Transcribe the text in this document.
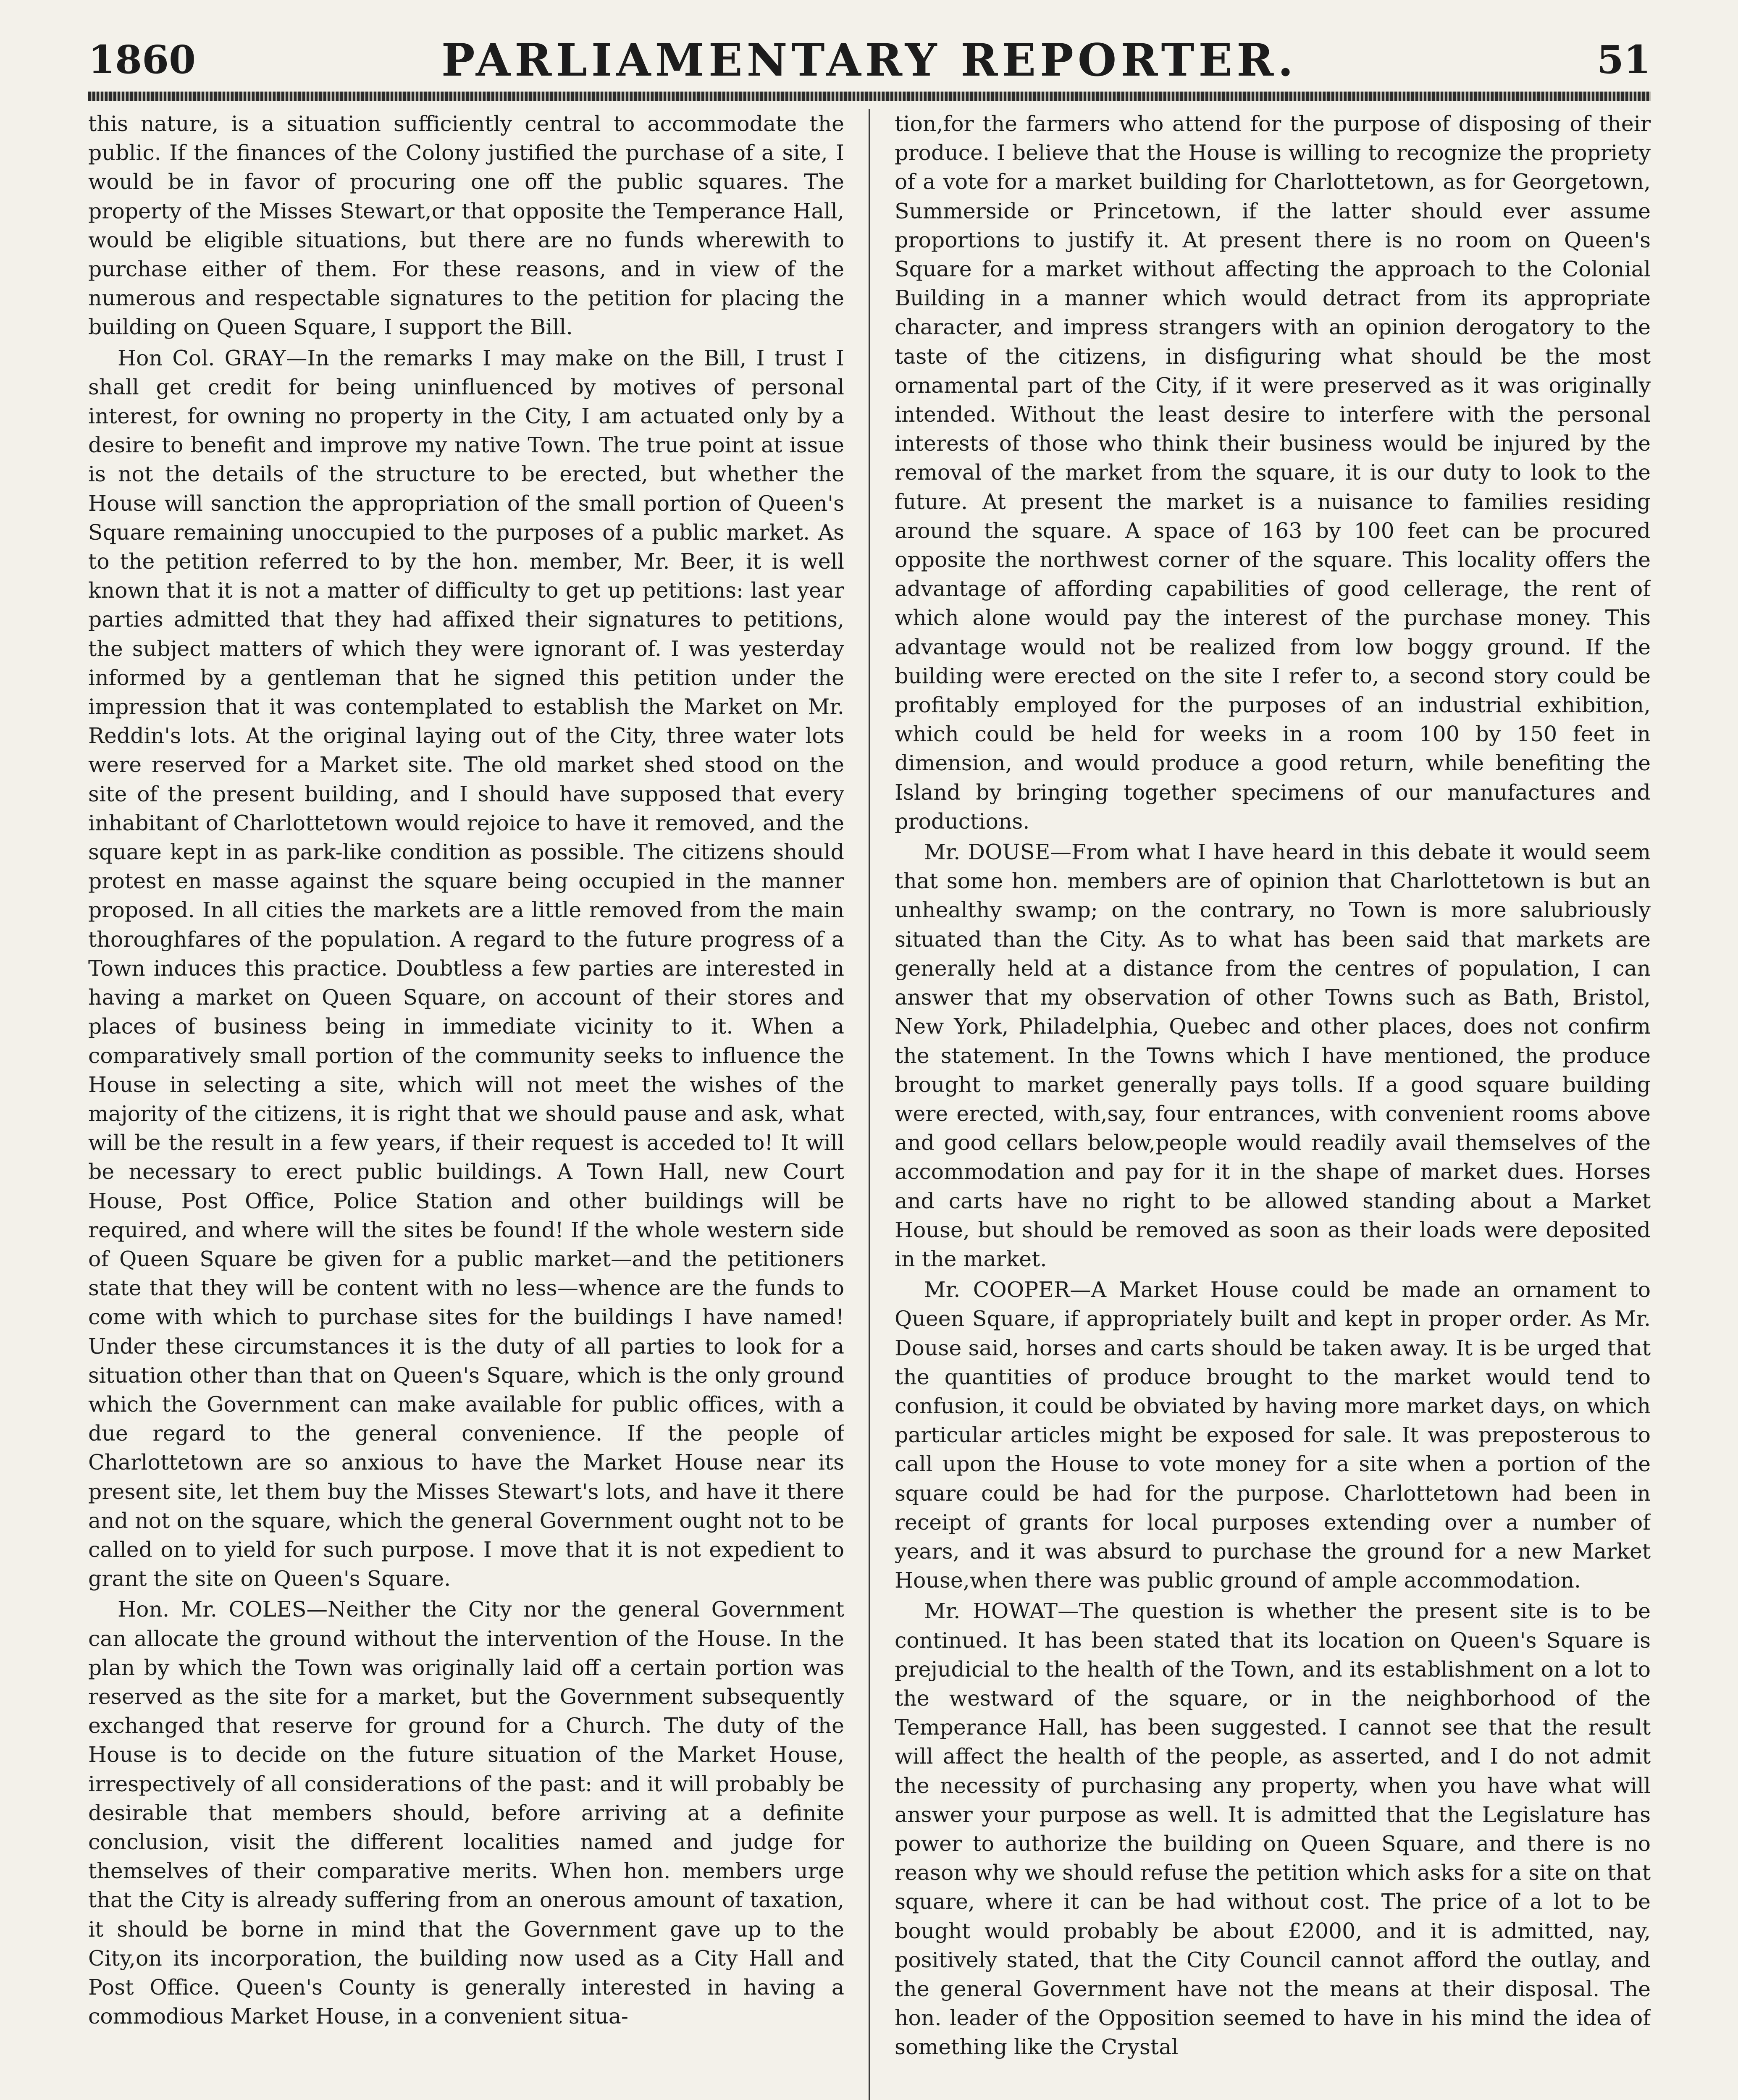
1860	PARLIAMENTARY REPORTER.	51

this nature, is a situation sufficiently central to accommodate the public. If the finances of the Colony justified the purchase of a site, I would be in favor of procuring one off the public squares. The property of the Misses Stewart,or that opposite the Temperance Hall, would be eligible situations, but there are no funds wherewith to purchase either of them. For these reasons, and in view of the numerous and respectable signatures to the petition for placing the building on Queen Square, I support the Bill.

Hon Col. GRAY—In the remarks I may make on the Bill, I trust I shall get credit for being uninfluenced by motives of personal interest, for owning no property in the City, I am actuated only by a desire to benefit and improve my native Town. The true point at issue is not the details of the structure to be erected, but whether the House will sanction the appropriation of the small portion of Queen's Square remaining unoccupied to the purposes of a public market. As to the petition referred to by the hon. member, Mr. Beer, it is well known that it is not a matter of difficulty to get up petitions: last year parties admitted that they had affixed their signatures to petitions, the subject matters of which they were ignorant of. I was yesterday informed by a gentleman that he signed this petition under the impression that it was contemplated to establish the Market on Mr. Reddin's lots. At the original laying out of the City, three water lots were reserved for a Market site. The old market shed stood on the site of the present building, and I should have supposed that every inhabitant of Charlottetown would rejoice to have it removed, and the square kept in as park-like condition as possible. The citizens should protest en masse against the square being occupied in the manner proposed. In all cities the markets are a little removed from the main thoroughfares of the population. A regard to the future progress of a Town induces this practice. Doubtless a few parties are interested in having a market on Queen Square, on account of their stores and places of business being in immediate vicinity to it. When a comparatively small portion of the community seeks to influence the House in selecting a site, which will not meet the wishes of the majority of the citizens, it is right that we should pause and ask, what will be the result in a few years, if their request is acceded to! It will be necessary to erect public buildings. A Town Hall, new Court House, Post Office, Police Station and other buildings will be required, and where will the sites be found! If the whole western side of Queen Square be given for a public market—and the petitioners state that they will be content with no less—whence are the funds to come with which to purchase sites for the buildings I have named! Under these circumstances it is the duty of all parties to look for a situation other than that on Queen's Square, which is the only ground which the Government can make available for public offices, with a due regard to the general convenience. If the people of Charlottetown are so anxious to have the Market House near its present site, let them buy the Misses Stewart's lots, and have it there and not on the square, which the general Government ought not to be called on to yield for such purpose. I move that it is not expedient to grant the site on Queen's Square.

Hon. Mr. COLES—Neither the City nor the general Government can allocate the ground without the intervention of the House. In the plan by which the Town was originally laid off a certain portion was reserved as the site for a market, but the Government subsequently exchanged that reserve for ground for a Church. The duty of the House is to decide on the future situation of the Market House, irrespectively of all considerations of the past: and it will probably be desirable that members should, before arriving at a definite conclusion, visit the different localities named and judge for themselves of their comparative merits. When hon. members urge that the City is already suffering from an onerous amount of taxation, it should be borne in mind that the Government gave up to the City,on its incorporation, the building now used as a City Hall and Post Office. Queen's County is generally interested in having a commodious Market House, in a convenient situa-

tion,for the farmers who attend for the purpose of disposing of their produce. I believe that the House is willing to recognize the propriety of a vote for a market building for Charlottetown, as for Georgetown, Summerside or Princetown, if the latter should ever assume proportions to justify it. At present there is no room on Queen's Square for a market without affecting the approach to the Colonial Building in a manner which would detract from its appropriate character, and impress strangers with an opinion derogatory to the taste of the citizens, in disfiguring what should be the most ornamental part of the City, if it were preserved as it was originally intended. Without the least desire to interfere with the personal interests of those who think their business would be injured by the removal of the market from the square, it is our duty to look to the future. At present the market is a nuisance to families residing around the square. A space of 163 by 100 feet can be procured opposite the northwest corner of the square. This locality offers the advantage of affording capabilities of good cellerage, the rent of which alone would pay the interest of the purchase money. This advantage would not be realized from low boggy ground. If the building were erected on the site I refer to, a second story could be profitably employed for the purposes of an industrial exhibition, which could be held for weeks in a room 100 by 150 feet in dimension, and would produce a good return, while benefiting the Island by bringing together specimens of our manufactures and productions.

Mr. DOUSE—From what I have heard in this debate it would seem that some hon. members are of opinion that Charlottetown is but an unhealthy swamp; on the contrary, no Town is more salubriously situated than the City. As to what has been said that markets are generally held at a distance from the centres of population, I can answer that my observation of other Towns such as Bath, Bristol, New York, Philadelphia, Quebec and other places, does not confirm the statement. In the Towns which I have mentioned, the produce brought to market generally pays tolls. If a good square building were erected, with,say, four entrances, with convenient rooms above and good cellars below,people would readily avail themselves of the accommodation and pay for it in the shape of market dues. Horses and carts have no right to be allowed standing about a Market House, but should be removed as soon as their loads were deposited in the market.

Mr. COOPER—A Market House could be made an ornament to Queen Square, if appropriately built and kept in proper order. As Mr. Douse said, horses and carts should be taken away. It is be urged that the quantities of produce brought to the market would tend to confusion, it could be obviated by having more market days, on which particular articles might be exposed for sale. It was preposterous to call upon the House to vote money for a site when a portion of the square could be had for the purpose. Charlottetown had been in receipt of grants for local purposes extending over a number of years, and it was absurd to purchase the ground for a new Market House,when there was public ground of ample accommodation.

Mr. HOWAT—The question is whether the present site is to be continued. It has been stated that its location on Queen's Square is prejudicial to the health of the Town, and its establishment on a lot to the westward of the square, or in the neighborhood of the Temperance Hall, has been suggested. I cannot see that the result will affect the health of the people, as asserted, and I do not admit the necessity of purchasing any property, when you have what will answer your purpose as well. It is admitted that the Legislature has power to authorize the building on Queen Square, and there is no reason why we should refuse the petition which asks for a site on that square, where it can be had without cost. The price of a lot to be bought would probably be about £2000, and it is admitted, nay, positively stated, that the City Council cannot afford the outlay, and the general Government have not the means at their disposal. The hon. leader of the Opposition seemed to have in his mind the idea of something like the Crystal
